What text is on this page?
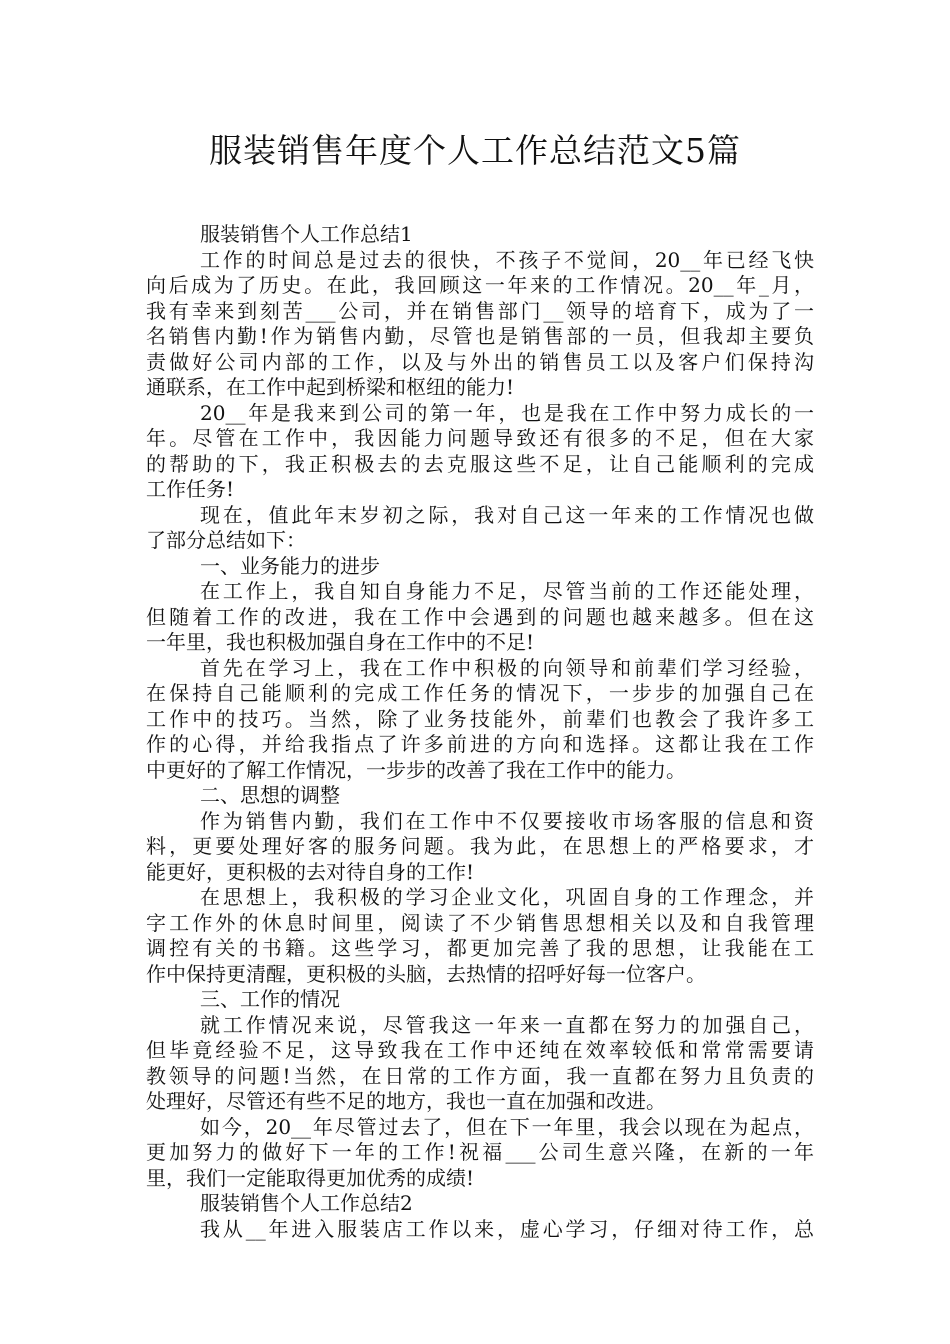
服装销售年度个人工作总结范文5篇
服装销售个人工作总结1
工作的时间总是过去的很快，不孩子不觉间，20__年已经飞快
向后成为了历史。在此，我回顾这一年来的工作情况。20__年_月，
我有幸来到刻苦___公司，并在销售部门__领导的培育下，成为了一
名销售内勤!作为销售内勤，尽管也是销售部的一员，但我却主要负
责做好公司内部的工作，以及与外出的销售员工以及客户们保持沟
通联系，在工作中起到桥梁和枢纽的能力!
20__年是我来到公司的第一年，也是我在工作中努力成长的一
年。尽管在工作中，我因能力问题导致还有很多的不足，但在大家
的帮助的下，我正积极去的去克服这些不足，让自己能顺利的完成
工作任务!
现在，值此年末岁初之际，我对自己这一年来的工作情况也做
了部分总结如下：
一、业务能力的进步
在工作上，我自知自身能力不足，尽管当前的工作还能处理，
但随着工作的改进，我在工作中会遇到的问题也越来越多。但在这
一年里，我也积极加强自身在工作中的不足!
首先在学习上，我在工作中积极的向领导和前辈们学习经验，
在保持自己能顺利的完成工作任务的情况下，一步步的加强自己在
工作中的技巧。当然，除了业务技能外，前辈们也教会了我许多工
作的心得，并给我指点了许多前进的方向和选择。这都让我在工作
中更好的了解工作情况，一步步的改善了我在工作中的能力。
二、思想的调整
作为销售内勤，我们在工作中不仅要接收市场客服的信息和资
料，更要处理好客的服务问题。我为此，在思想上的严格要求，才
能更好，更积极的去对待自身的工作!
在思想上，我积极的学习企业文化，巩固自身的工作理念，并
字工作外的休息时间里，阅读了不少销售思想相关以及和自我管理
调控有关的书籍。这些学习，都更加完善了我的思想，让我能在工
作中保持更清醒，更积极的头脑，去热情的招呼好每一位客户。
三、工作的情况
就工作情况来说，尽管我这一年来一直都在努力的加强自己，
但毕竟经验不足，这导致我在工作中还纯在效率较低和常常需要请
教领导的问题!当然，在日常的工作方面，我一直都在努力且负责的
处理好，尽管还有些不足的地方，我也一直在加强和改进。
如今，20__年尽管过去了，但在下一年里，我会以现在为起点，
更加努力的做好下一年的工作!祝福___公司生意兴隆，在新的一年
里，我们一定能取得更加优秀的成绩!
服装销售个人工作总结2
我从__年进入服装店工作以来，虚心学习，仔细对待工作，总
